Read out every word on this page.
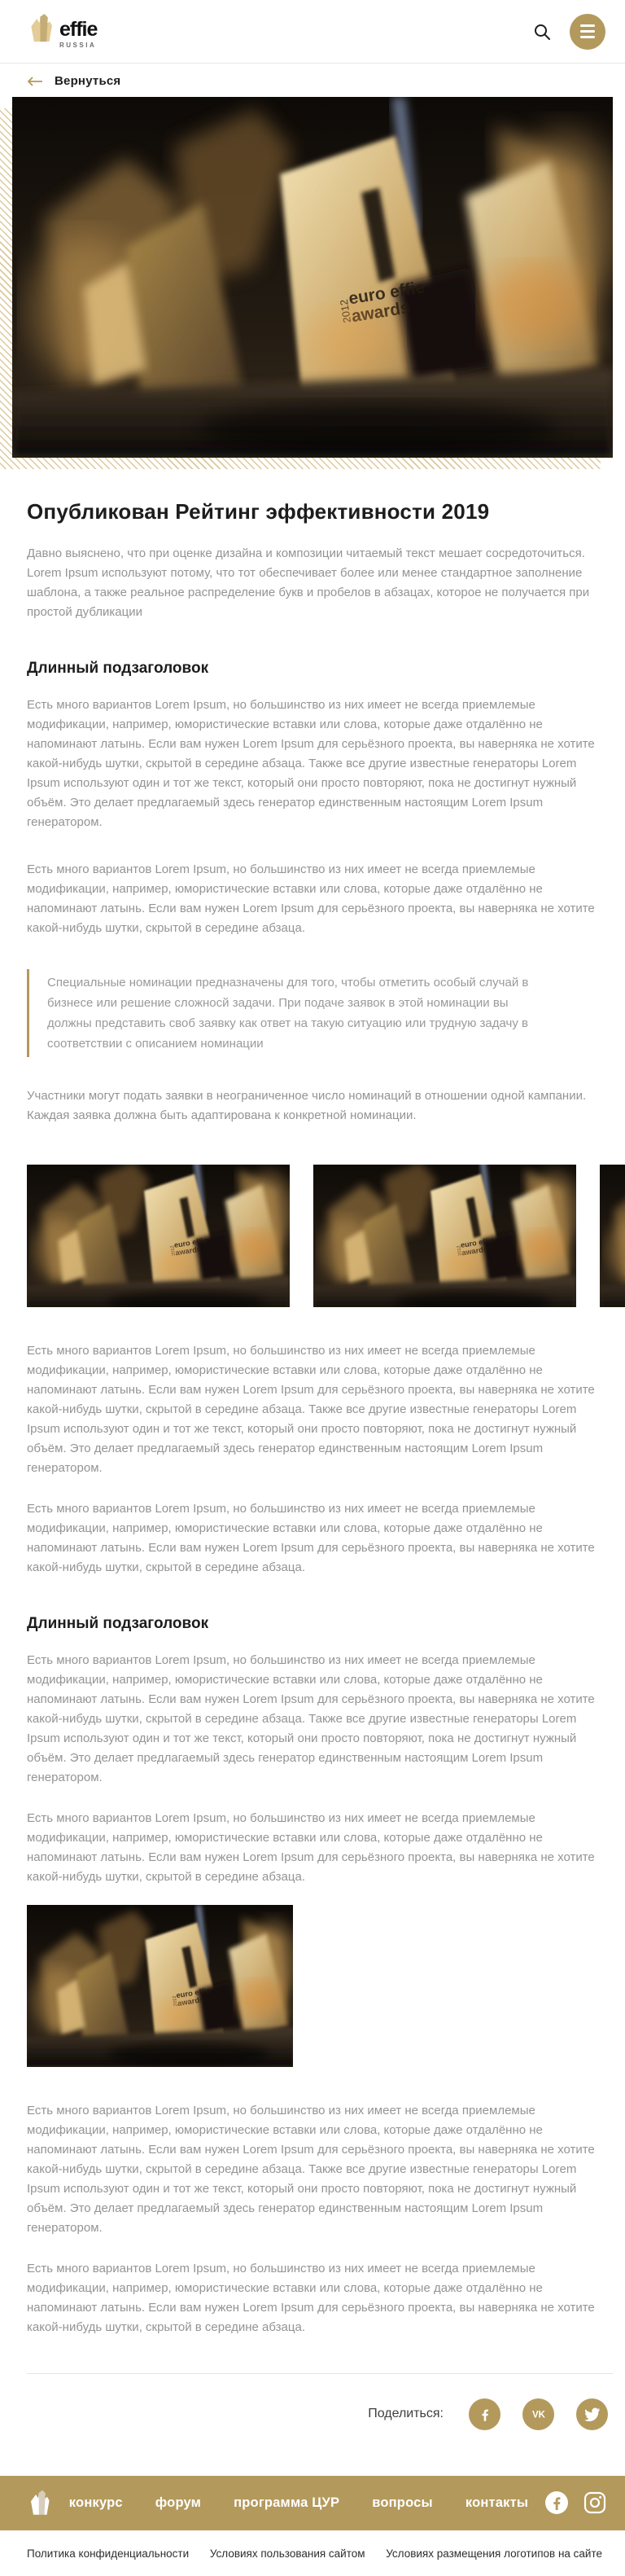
effie
RUSSIA
Вернуться
Опубликован Рейтинг эффективности 2019

Давно выяснено, что при оценке дизайна и композиции читаемый текст мешает сосредоточиться. Lorem Ipsum используют потому, что тот обеспечивает более или менее стандартное заполнение шаблона, а также реальное распределение букв и пробелов в абзацах, которое не получается при простой дубликации

Длинный подзаголовок

Есть много вариантов Lorem Ipsum, но большинство из них имеет не всегда приемлемые модификации, например, юмористические вставки или слова, которые даже отдалённо не напоминают латынь. Если вам нужен Lorem Ipsum для серьёзного проекта, вы наверняка не хотите какой-нибудь шутки, скрытой в середине абзаца. Также все другие известные генераторы Lorem Ipsum используют один и тот же текст, который они просто повторяют, пока не достигнут нужный объём. Это делает предлагаемый здесь генератор единственным настоящим Lorem Ipsum генератором.

Есть много вариантов Lorem Ipsum, но большинство из них имеет не всегда приемлемые модификации, например, юмористические вставки или слова, которые даже отдалённо не напоминают латынь. Если вам нужен Lorem Ipsum для серьёзного проекта, вы наверняка не хотите какой-нибудь шутки, скрытой в середине абзаца.

Специальные номинации предназначены для того, чтобы отметить особый случай в бизнесе или решение сложносй задачи. При подаче заявок в этой номинации вы должны представить своб заявку как ответ на такую ситуацию или трудную задачу в соответствии с описанием номинации

Участники могут подать заявки в неограниченное число номинаций в отношении одной кампании. Каждая заявка должна быть адаптирована к конкретной номинации.

Есть много вариантов Lorem Ipsum, но большинство из них имеет не всегда приемлемые модификации, например, юмористические вставки или слова, которые даже отдалённо не напоминают латынь. Если вам нужен Lorem Ipsum для серьёзного проекта, вы наверняка не хотите какой-нибудь шутки, скрытой в середине абзаца. Также все другие известные генераторы Lorem Ipsum используют один и тот же текст, который они просто повторяют, пока не достигнут нужный объём. Это делает предлагаемый здесь генератор единственным настоящим Lorem Ipsum генератором.

Есть много вариантов Lorem Ipsum, но большинство из них имеет не всегда приемлемые модификации, например, юмористические вставки или слова, которые даже отдалённо не напоминают латынь. Если вам нужен Lorem Ipsum для серьёзного проекта, вы наверняка не хотите какой-нибудь шутки, скрытой в середине абзаца.

Длинный подзаголовок

Есть много вариантов Lorem Ipsum, но большинство из них имеет не всегда приемлемые модификации, например, юмористические вставки или слова, которые даже отдалённо не напоминают латынь. Если вам нужен Lorem Ipsum для серьёзного проекта, вы наверняка не хотите какой-нибудь шутки, скрытой в середине абзаца. Также все другие известные генераторы Lorem Ipsum используют один и тот же текст, который они просто повторяют, пока не достигнут нужный объём. Это делает предлагаемый здесь генератор единственным настоящим Lorem Ipsum генератором.

Есть много вариантов Lorem Ipsum, но большинство из них имеет не всегда приемлемые модификации, например, юмористические вставки или слова, которые даже отдалённо не напоминают латынь. Если вам нужен Lorem Ipsum для серьёзного проекта, вы наверняка не хотите какой-нибудь шутки, скрытой в середине абзаца.

Есть много вариантов Lorem Ipsum, но большинство из них имеет не всегда приемлемые модификации, например, юмористические вставки или слова, которые даже отдалённо не напоминают латынь. Если вам нужен Lorem Ipsum для серьёзного проекта, вы наверняка не хотите какой-нибудь шутки, скрытой в середине абзаца. Также все другие известные генераторы Lorem Ipsum используют один и тот же текст, который они просто повторяют, пока не достигнут нужный объём. Это делает предлагаемый здесь генератор единственным настоящим Lorem Ipsum генератором.

Есть много вариантов Lorem Ipsum, но большинство из них имеет не всегда приемлемые модификации, например, юмористические вставки или слова, которые даже отдалённо не напоминают латынь. Если вам нужен Lorem Ipsum для серьёзного проекта, вы наверняка не хотите какой-нибудь шутки, скрытой в середине абзаца.

Поделиться:	VK
конкурс форум программа ЦУР вопросы контакты
Политика конфиденциальности Условиях пользования сайтом Условиях размещения логотипов на сайте
